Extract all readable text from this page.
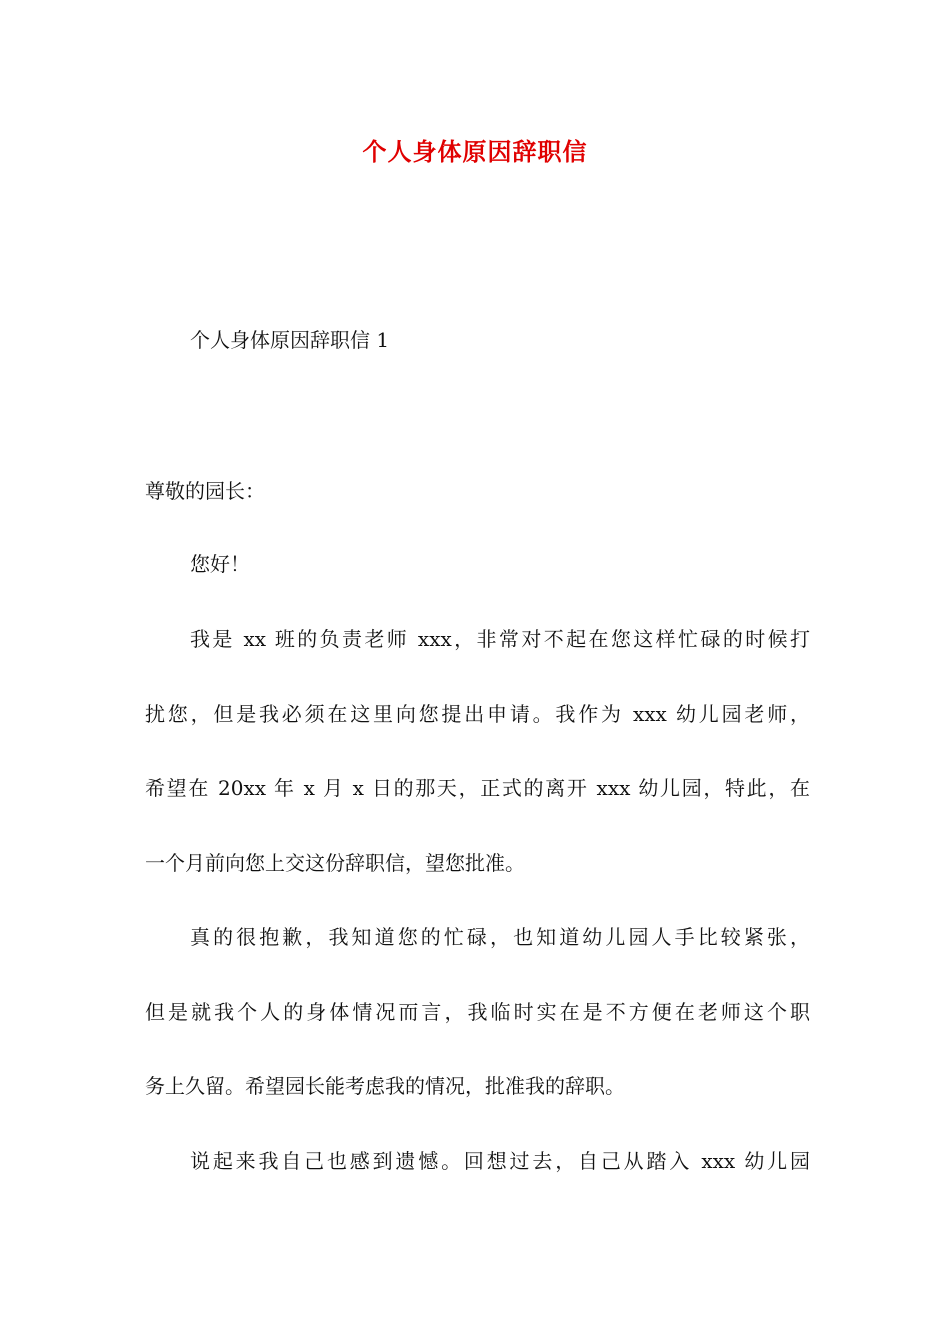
个人身体原因辞职信

个人身体原因辞职信 1

尊敬的园长：

您好！

我是 xx 班的负责老师 xxx，非常对不起在您这样忙碌的时候打

扰您，但是我必须在这里向您提出申请。我作为 xxx 幼儿园老师，

希望在 20xx 年 x 月 x 日的那天，正式的离开 xxx 幼儿园，特此，在

一个月前向您上交这份辞职信，望您批准。

真的很抱歉，我知道您的忙碌，也知道幼儿园人手比较紧张，

但是就我个人的身体情况而言，我临时实在是不方便在老师这个职

务上久留。希望园长能考虑我的情况，批准我的辞职。

说起来我自己也感到遗憾。回想过去，自己从踏入 xxx 幼儿园
